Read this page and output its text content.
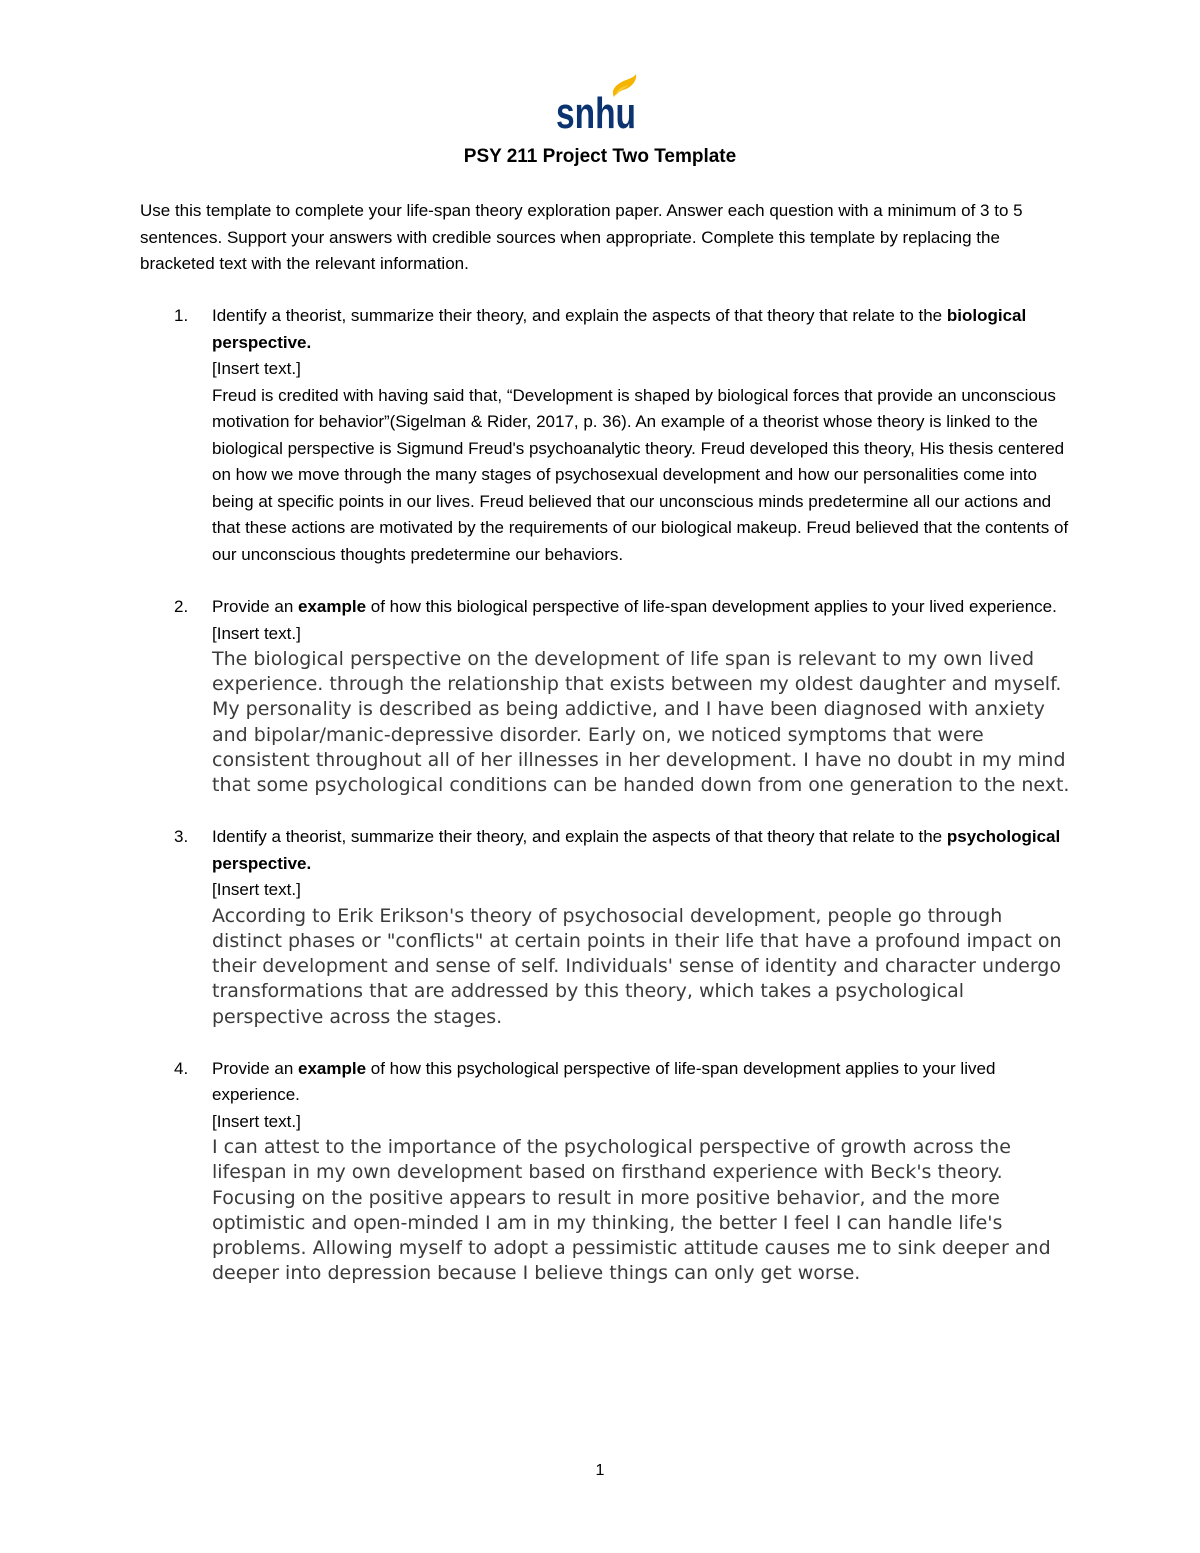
snhu
PSY 211 Project Two Template
Use this template to complete your life-span theory exploration paper. Answer each question with a minimum of 3 to 5 sentences. Support your answers with credible sources when appropriate. Complete this template by replacing the bracketed text with the relevant information.
1. Identify a theorist, summarize their theory, and explain the aspects of that theory that relate to the biological perspective.
[Insert text.]
Freud is credited with having said that, “Development is shaped by biological forces that provide an unconscious motivation for behavior”(Sigelman & Rider, 2017, p. 36). An example of a theorist whose theory is linked to the biological perspective is Sigmund Freud's psychoanalytic theory. Freud developed this theory, His thesis centered on how we move through the many stages of psychosexual development and how our personalities come into being at specific points in our lives. Freud believed that our unconscious minds predetermine all our actions and that these actions are motivated by the requirements of our biological makeup. Freud believed that the contents of our unconscious thoughts predetermine our behaviors.
2. Provide an example of how this biological perspective of life-span development applies to your lived experience.
[Insert text.]
The biological perspective on the development of life span is relevant to my own lived experience. through the relationship that exists between my oldest daughter and myself. My personality is described as being addictive, and I have been diagnosed with anxiety and bipolar/manic-depressive disorder. Early on, we noticed symptoms that were consistent throughout all of her illnesses in her development. I have no doubt in my mind that some psychological conditions can be handed down from one generation to the next.
3. Identify a theorist, summarize their theory, and explain the aspects of that theory that relate to the psychological perspective.
[Insert text.]
According to Erik Erikson's theory of psychosocial development, people go through distinct phases or "conflicts" at certain points in their life that have a profound impact on their development and sense of self. Individuals' sense of identity and character undergo transformations that are addressed by this theory, which takes a psychological perspective across the stages.
4. Provide an example of how this psychological perspective of life-span development applies to your lived experience.
[Insert text.]
I can attest to the importance of the psychological perspective of growth across the lifespan in my own development based on firsthand experience with Beck's theory. Focusing on the positive appears to result in more positive behavior, and the more optimistic and open-minded I am in my thinking, the better I feel I can handle life's problems. Allowing myself to adopt a pessimistic attitude causes me to sink deeper and deeper into depression because I believe things can only get worse.
1
